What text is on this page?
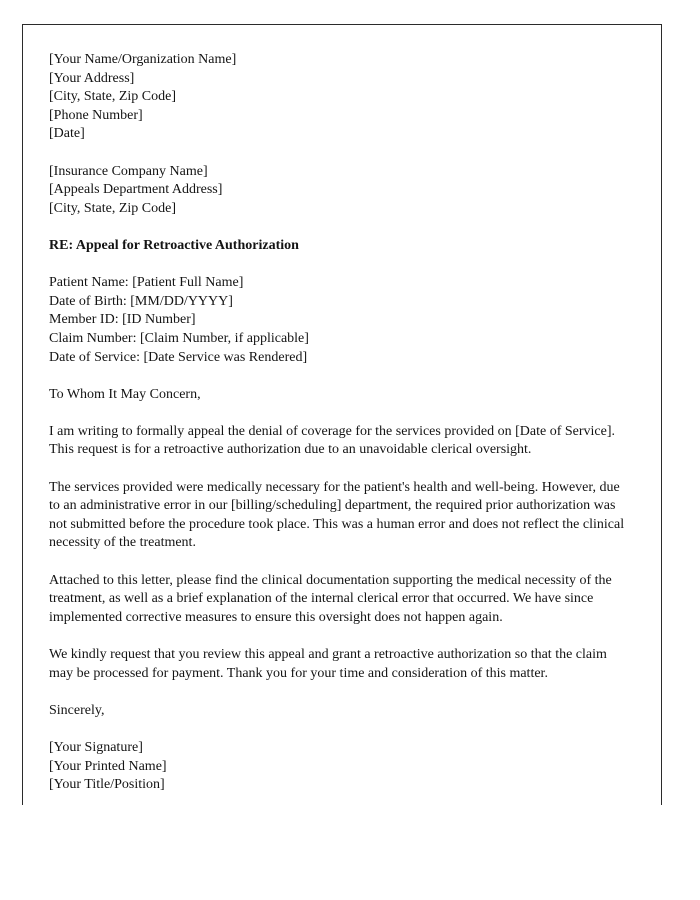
[Your Name/Organization Name]
[Your Address]
[City, State, Zip Code]
[Phone Number]
[Date]
[Insurance Company Name]
[Appeals Department Address]
[City, State, Zip Code]
RE: Appeal for Retroactive Authorization
Patient Name: [Patient Full Name]
Date of Birth: [MM/DD/YYYY]
Member ID: [ID Number]
Claim Number: [Claim Number, if applicable]
Date of Service: [Date Service was Rendered]
To Whom It May Concern,

I am writing to formally appeal the denial of coverage for the services provided on [Date of Service]. This request is for a retroactive authorization due to an unavoidable clerical oversight.

The services provided were medically necessary for the patient's health and well-being. However, due to an administrative error in our [billing/scheduling] department, the required prior authorization was not submitted before the procedure took place. This was a human error and does not reflect the clinical necessity of the treatment.

Attached to this letter, please find the clinical documentation supporting the medical necessity of the treatment, as well as a brief explanation of the internal clerical error that occurred. We have since implemented corrective measures to ensure this oversight does not happen again.

We kindly request that you review this appeal and grant a retroactive authorization so that the claim may be processed for payment. Thank you for your time and consideration of this matter.

Sincerely,
[Your Signature]
[Your Printed Name]
[Your Title/Position]
